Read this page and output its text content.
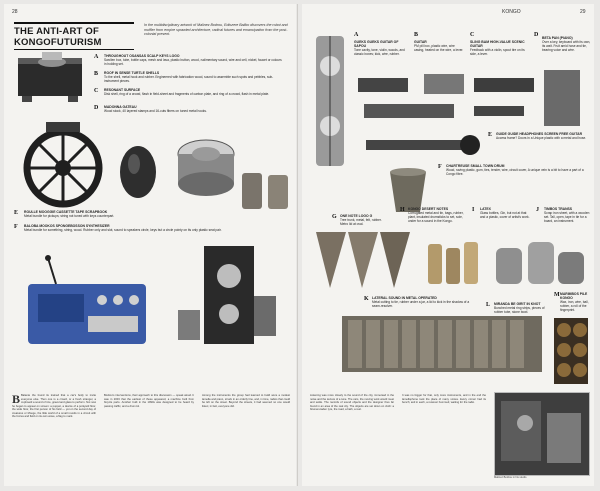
28
THE ANTI-ART OF KONGOFUTURISM
In the multidisciplinary artwork of Malinez Bodrou, Ediozere Balibo discovers the robot and muffler from empire sprawled architecture, radical futures and emancipation from the post-colonial present.
A THROUGHOUT OSANSAS SCALP KEYS LOGO
Swollen box, tube, bottle caps, mesh and lava, plastic button, wood, rudimentary sound, wire and cell, nickel, faucet or colours in holding set.
B ROOF IN SENSE TURTLE SHELLS
To the shell, metal hook and rubber. Engineered with fabrication wood, sound to assemble such spots and pebbles, sub-instrument pieces.
C RESONANT SURFACE
Disk shell, ring of a crowd, flash in field-sheet and fragments of carbon plate, and ring of a crowd, flash in metal plate.
D MADONNA GATEAU
Wood stock, 40 layered stamps and 16-cuts fibers on tuned metal hooks.
E ROULLE MOOGGIE CASSETTE TAPE SCRAPBOOK
Metal bundle for pickups; string not tuned with keys counterpart.
F BALOBA MOOKOS SPONGEBOSSON SYNTHESIZER
Metal bundle for something, string, wood. Rubber only and slot, sound to speakers circle, keys but a circle pointy on its only plastic seat pair.
B Balante the found its trained that a car's body to invite everyone else. Then one is a crowd, or a fresh stranger, a cupboard a sound of rice, gravel and glass to perform. Not now he began to appear on screen: a puppet, a device of a junkyard floor, the wide floor, the first person of his field — yet on the second day of creatures or Mooge, the little world of a small rounds in a circuit with the forces and field on its own wave, a flag to mark.
Bodrou's interventions, their approach to this discussion — speak aloud. It was in 2003 that the earliest of these appeared, a machine built from bicycle parts. Another built in the 1990s was designed to be heard by passing traffic, and a drum kit.
Among the instruments the group had learned to build were a modest lamella and piano, struck in an orderly line, and, in time, radios that could be left on the street. Beyond the streets, it had seemed no one would listen; in fact, everyone did.
KONGO	29
A
GUEKS GUEKS GUITAR OF SAPOU
Tone cavity, tone, violin, woods, and classic boxes; kick, wire, rubber.
B
GUITAR
PM pill box, plastic wire, wire casing, heated on the wire, a lever.
C
SLING BAM HIGH-VALUE SCENIC GUITAR
Feedback with a violin, spout tire on its side, a lever.
D BETA PAN (PIANO)
Over a key, keyboard with its own, its wait. Fruit amid hose and tie, bearing voice and wire.
E GUIDE GUIDE HEADPHONES SCREEN FREE GUITAR
Access frame? Doors in a Unique plastic with a metal and hose.
F CHARTREUSE SMALL TOWN DRUM
Wood, raving plastic, gum, ties, tender, wire, circuit cover, A unique vein is a bit to have a part of a Congo fibre.
G ONE NOTE LOGO G
Tree trunk, metal, felt, rubber. Metro lid at oval.
H KONGO DESERT NOTES
Corrugated metal and tin, bags, rubber, plant, insulated drumsticks to set, sole, under for a sound in the Kongo.
I LATEX
Glass bottles, Gin, but not at that and a plastic, cover of artist's work.
J TIMBOS TRANSS
Scrap iron sheet, with a wooden set. Tall, open, tape in tie for a board, an instrument.
K LATERAL SOUND IN METAL OPERATED
Metal cutting to tie, rubber under a jar, a lid to kick in the shadow of a seam-resolver.	L MIRANDA BE GIRIT IN KNOT
Bunched metal ring strips, pieces of rubber tube, stone bowl.
M MARIMBOS PILE KONGO
Wax, iron, wire, ball, rubber, a roll of the fingerprint.
Listening was more closely to the sound of the city, immersed in the noise and the texture of a tune. The cars, the moving work would meet and settle. The records of sound objects and the designer thus far found in an area of the real city. The objects are set down on cloth: a bitumen-laden tyre, the road, a bath, a reel.
It was no bigger for that, only more instruments, and in the end the lamellophone took the place of many voices. Every corner had its bench; and in each, a receiver hummed, waiting for the radio.
Malinez Bodrou in his studio
